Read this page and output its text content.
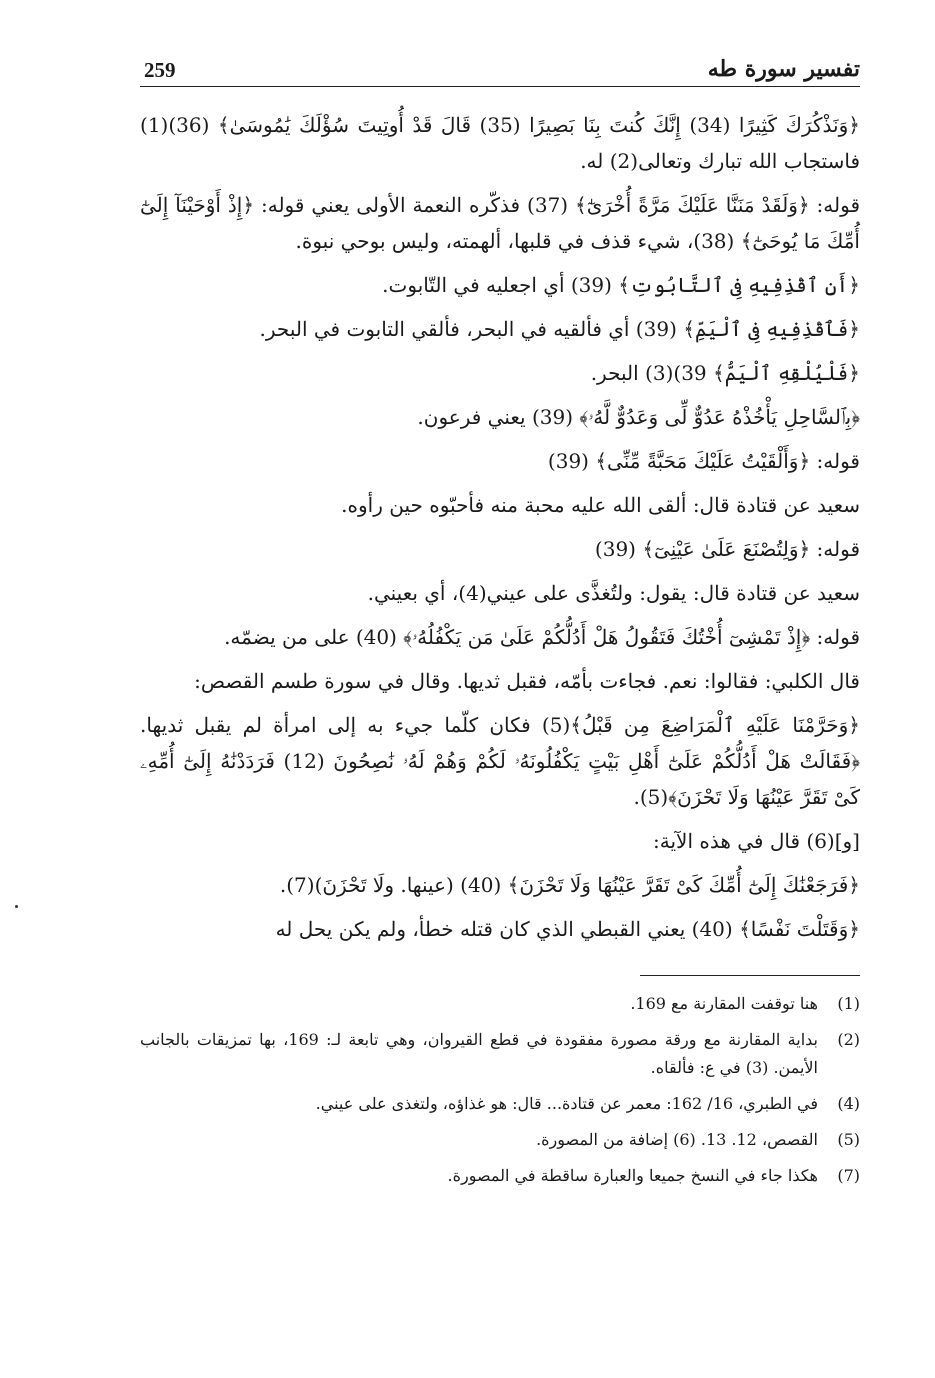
تفسير سورة طه
259

﴿وَنَذْكُرَكَ كَثِيرًا (34) إِنَّكَ كُنتَ بِنَا بَصِيرًا (35) قَالَ قَدْ أُوتِيتَ سُؤْلَكَ يَٰمُوسَىٰ﴾ (36)(1) فاستجاب الله تبارك وتعالى(2) له.

قوله: ﴿وَلَقَدْ مَنَنَّا عَلَيْكَ مَرَّةً أُخْرَىٰٓ﴾ (37) فذكّره النعمة الأولى يعني قوله: ﴿إِذْ أَوْحَيْنَآ إِلَىٰٓ أُمِّكَ مَا يُوحَىٰٓ﴾ (38)، شيء قذف في قلبها، ألهمته، وليس بوحي نبوة.

﴿أَنِ ٱقْذِفِيهِ فِى ٱلتَّابُوتِ﴾ (39) أي اجعليه في التّابوت.

﴿فَٱقْذِفِيهِ فِى ٱلْيَمِّ﴾ (39) أي فألقيه في البحر، فألقي التابوت في البحر.

﴿فَلْيُلْقِهِ ٱلْيَمُّ﴾ 39)(3) البحر.

﴿بِٱلسَّاحِلِ يَأْخُذْهُ عَدُوٌّ لِّى وَعَدُوٌّ لَّهُۥ﴾ (39) يعني فرعون.

قوله: ﴿وَأَلْقَيْتُ عَلَيْكَ مَحَبَّةً مِّنِّى﴾ (39)

سعيد عن قتادة قال: ألقى الله عليه محبة منه فأحبّوه حين رأوه.

قوله: ﴿وَلِتُصْنَعَ عَلَىٰ عَيْنِىٓ﴾ (39)

سعيد عن قتادة قال: يقول: ولتُغذَّى على عيني(4)، أي بعيني.

قوله: ﴿إِذْ تَمْشِىٓ أُخْتُكَ فَتَقُولُ هَلْ أَدُلُّكُمْ عَلَىٰ مَن يَكْفُلُهُۥ﴾ (40) على من يضمّه.

قال الكلبي: فقالوا: نعم. فجاءت بأمّه، فقبل ثديها. وقال في سورة طسم القصص:

﴿وَحَرَّمْنَا عَلَيْهِ ٱلْمَرَاضِعَ مِن قَبْلُ﴾(5) فكان كلّما جيء به إلى امرأة لم يقبل ثديها. ﴿فَقَالَتْ هَلْ أَدُلُّكُمْ عَلَىٰٓ أَهْلِ بَيْتٍ يَكْفُلُونَهُۥ لَكُمْ وَهُمْ لَهُۥ نَٰصِحُونَ (12) فَرَدَدْنَٰهُ إِلَىٰٓ أُمِّهِۦ كَىْ تَقَرَّ عَيْنُهَا وَلَا تَحْزَنَ﴾(5).

[و](6) قال في هذه الآية:

﴿فَرَجَعْنَٰكَ إِلَىٰٓ أُمِّكَ كَىْ تَقَرَّ عَيْنُهَا وَلَا تَحْزَنَ﴾ (40) (عينها. ولَا تَحْزَنَ)(7).

﴿وَقَتَلْتَ نَفْسًا﴾ (40) يعني القبطي الذي كان قتله خطأ، ولم يكن يحل له

(1)
هنا توقفت المقارنة مع 169.
(2)
بداية المقارنة مع ورقة مصورة مفقودة في قطع القيروان، وهي تابعة لـ: 169، بها تمزيقات بالجانب الأيمن. (3) في ع: فألقاه.
(4)
في الطبري، 16/ 162: معمر عن قتادة... قال: هو غذاؤه، ولتغذى على عيني.
(5)
القصص، 12. 13. (6) إضافة من المصورة.
(7)
هكذا جاء في النسخ جميعا والعبارة ساقطة في المصورة.
